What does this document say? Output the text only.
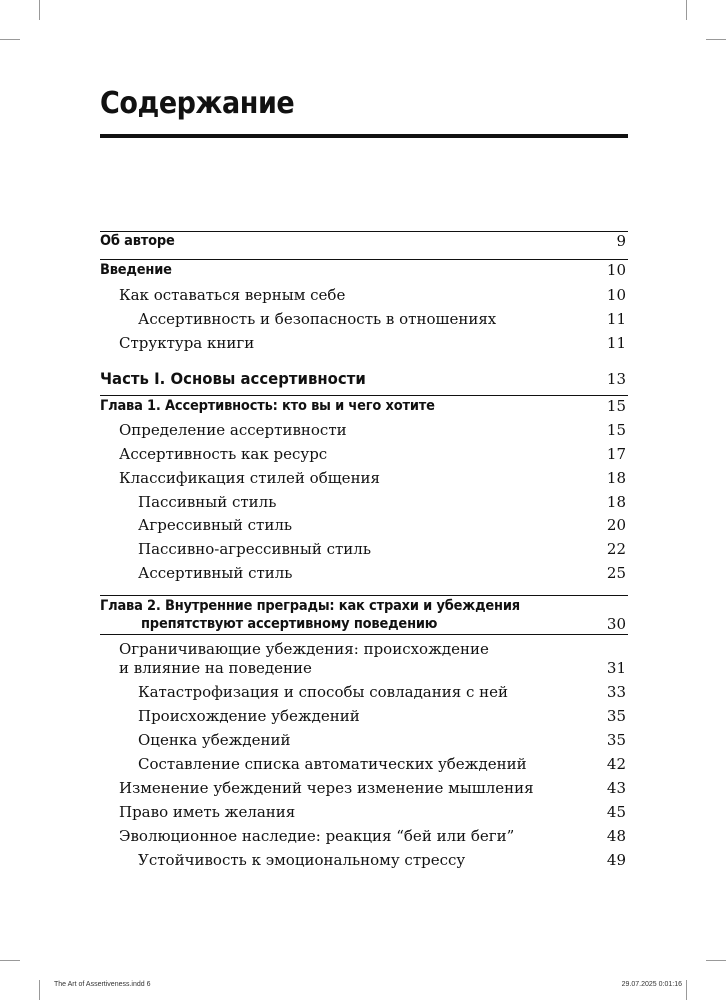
Содержание
Об авторе	9
Введение	10
Как оставаться верным себе	10
Ассертивность и безопасность в отношениях	11
Структура книги	11
Часть I. Основы ассертивности	13
Глава 1. Ассертивность: кто вы и чего хотите	15
Определение ассертивности	15
Ассертивность как ресурс	17
Классификация стилей общения	18
Пассивный стиль	18
Агрессивный стиль	20
Пассивно-агрессивный стиль	22
Ассертивный стиль	25
Глава 2. Внутренние преграды: как страхи и убеждения
препятствуют ассертивному поведению	30
Ограничивающие убеждения: происхождение
и влияние на поведение	31
Катастрофизация и способы совладания с ней	33
Происхождение убеждений	35
Оценка убеждений	35
Составление списка автоматических убеждений	42
Изменение убеждений через изменение мышления	43
Право иметь желания	45
Эволюционное наследие: реакция “бей или беги”	48
Устойчивость к эмоциональному стрессу	49
The Art of Assertiveness.indd 6	29.07.2025 0:01:16
